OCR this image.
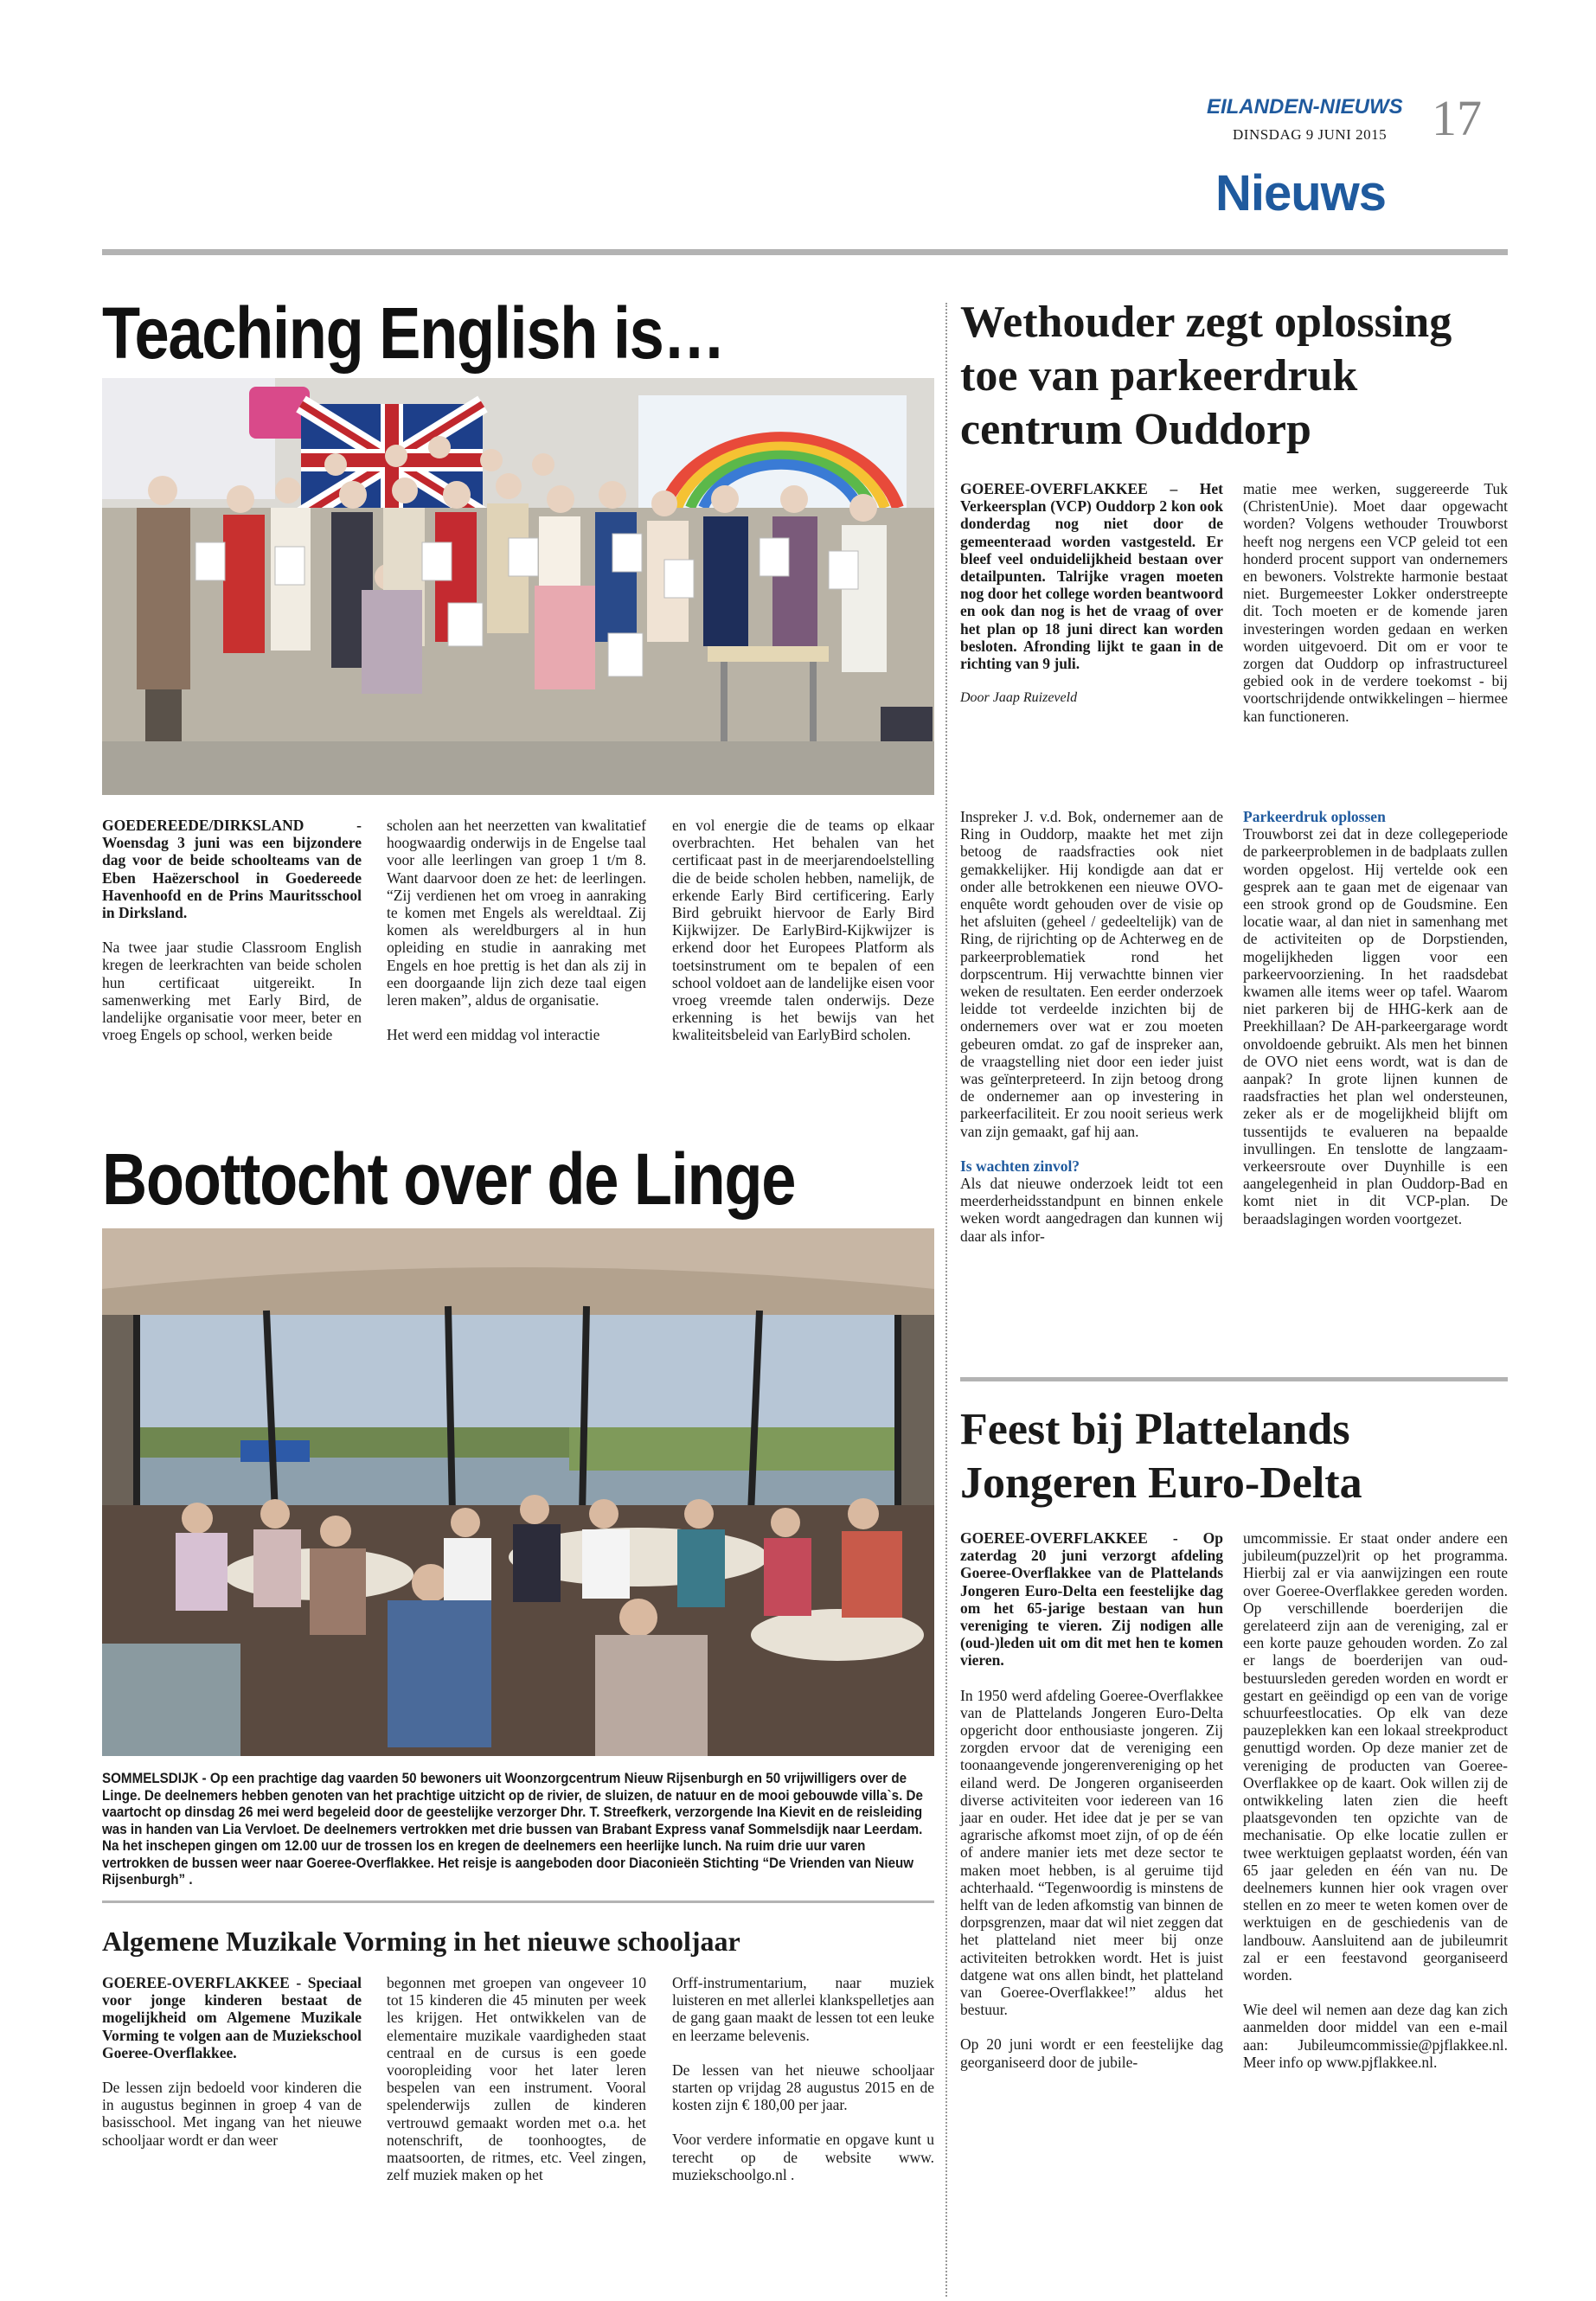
EILANDEN-NIEUWS
DINSDAG 9 JUNI 2015 17
Nieuws
Teaching English is…

GOEDEREEDE/DIRKSLAND - Woensdag 3 juni was een bijzondere dag voor de beide schoolteams van de Eben Haëzerschool in Goedereede Havenhoofd en de Prins Mauritsschool in Dirksland.

Na twee jaar studie Classroom English kregen de leerkrachten van beide scholen hun certificaat uitgereikt. In samenwerking met Early Bird, de landelijke organisatie voor meer, beter en vroeg Engels op school, werken beide

scholen aan het neerzetten van kwalitatief hoogwaardig onderwijs in de Engelse taal voor alle leerlingen van groep 1 t/m 8. Want daarvoor doen ze het: de leerlingen. “Zij verdienen het om vroeg in aanraking te komen met Engels als wereldtaal. Zij komen als wereldburgers al in hun opleiding en studie in aanraking met Engels en hoe prettig is het dan als zij in een doorgaande lijn zich deze taal eigen leren maken”, aldus de organisatie.

Het werd een middag vol interactie

en vol energie die de teams op elkaar overbrachten. Het behalen van het certificaat past in de meerjarendoelstelling die de beide scholen hebben, namelijk, de erkende Early Bird certificering. Early Bird gebruikt hiervoor de Early Bird Kijkwijzer. De EarlyBird-Kijkwijzer is erkend door het Europees Platform als toetsinstrument om te bepalen of een school voldoet aan de landelijke eisen voor vroeg vreemde talen onderwijs. Deze erkenning is het bewijs van het kwaliteitsbeleid van EarlyBird scholen.

Boottocht over de Linge
SOMMELSDIJK - Op een prachtige dag vaarden 50 bewoners uit Woonzorgcentrum Nieuw Rijsenburgh en 50 vrijwilligers over de Linge. De deelnemers hebben genoten van het prachtige uitzicht op de rivier, de sluizen, de natuur en de mooi gebouwde villa`s. De vaartocht op dinsdag 26 mei werd begeleid door de geestelijke verzorger Dhr. T. Streefkerk, verzorgende Ina Kievit en de reisleiding was in handen van Lia Vervloet. De deelnemers vertrokken met drie bussen van Brabant Express vanaf Sommelsdijk naar Leerdam. Na het inschepen gingen om 12.00 uur de trossen los en kregen de deelnemers een heerlijke lunch. Na ruim drie uur varen vertrokken de bussen weer naar Goeree-Overflakkee. Het reisje is aangeboden door Diaconieën Stichting “De Vrienden van Nieuw Rijsenburgh” .
Algemene Muzikale Vorming in het nieuwe schooljaar

GOEREE-OVERFLAKKEE - Speciaal voor jonge kinderen bestaat de mogelijkheid om Algemene Muzikale Vorming te volgen aan de Muziekschool Goeree-Overflakkee.

De lessen zijn bedoeld voor kinderen die in augustus beginnen in groep 4 van de basisschool. Met ingang van het nieuwe schooljaar wordt er dan weer

begonnen met groepen van ongeveer 10 tot 15 kinderen die 45 minuten per week les krijgen. Het ontwikkelen van de elementaire muzikale vaardigheden staat centraal en de cursus is een goede vooropleiding voor het later leren bespelen van een instrument. Vooral spelenderwijs zullen de kinderen vertrouwd gemaakt worden met o.a. het notenschrift, de toonhoogtes, de maatsoorten, de ritmes, etc. Veel zingen, zelf muziek maken op het

Orff-instrumentarium, naar muziek luisteren en met allerlei klankspelletjes aan de gang gaan maakt de lessen tot een leuke en leerzame belevenis.

De lessen van het nieuwe schooljaar starten op vrijdag 28 augustus 2015 en de kosten zijn € 180,00 per jaar.

Voor verdere informatie en opgave kunt u terecht op de website www. muziekschoolgo.nl .

Wethouder zegt oplossing toe van parkeerdruk centrum Ouddorp

GOEREE-OVERFLAKKEE – Het Verkeersplan (VCP) Ouddorp 2 kon ook donderdag nog niet door de gemeenteraad worden vastgesteld. Er bleef veel onduidelijkheid bestaan over detailpunten. Talrijke vragen moeten nog door het college worden beantwoord en ook dan nog is het de vraag of over het plan op 18 juni direct kan worden besloten. Afronding lijkt te gaan in de richting van 9 juli.

Door Jaap Ruizeveld

matie mee werken, suggereerde Tuk (ChristenUnie). Moet daar opgewacht worden? Volgens wethouder Trouwborst heeft nog nergens een VCP geleid tot een honderd procent support van ondernemers en bewoners. Volstrekte harmonie bestaat niet. Burgemeester Lokker onderstreepte dit. Toch moeten er de komende jaren investeringen worden gedaan en werken worden uitgevoerd. Dit om er voor te zorgen dat Ouddorp op infrastructureel gebied ook in de verdere toekomst - bij voortschrijdende ontwikkelingen – hiermee kan functioneren.

Inspreker J. v.d. Bok, ondernemer aan de Ring in Ouddorp, maakte het met zijn betoog de raadsfracties ook niet gemakkelijker. Hij kondigde aan dat er onder alle betrokkenen een nieuwe OVO-enquête wordt gehouden over de visie op het afsluiten (geheel / gedeeltelijk) van de Ring, de rijrichting op de Achterweg en de parkeerproblematiek rond het dorpscentrum. Hij verwachtte binnen vier weken de resultaten. Een eerder onderzoek leidde tot verdeelde inzichten bij de ondernemers over wat er zou moeten gebeuren omdat. zo gaf de inspreker aan, de vraagstelling niet door een ieder juist was geïnterpreteerd. In zijn betoog drong de ondernemer aan op investering in parkeerfaciliteit. Er zou nooit serieus werk van zijn gemaakt, gaf hij aan.

Is wachten zinvol?

Als dat nieuwe onderzoek leidt tot een meerderheidsstandpunt en binnen enkele weken wordt aangedragen dan kunnen wij daar als infor-

Parkeerdruk oplossen

Trouwborst zei dat in deze collegeperiode de parkeerproblemen in de badplaats zullen worden opgelost. Hij vertelde ook een gesprek aan te gaan met de eigenaar van een strook grond op de Goudsmine. Een locatie waar, al dan niet in samenhang met de activiteiten op de Dorpstienden, mogelijkheden liggen voor een parkeervoorziening. In het raadsdebat kwamen alle items weer op tafel. Waarom niet parkeren bij de HHG-kerk aan de Preekhillaan? De AH-parkeergarage wordt onvoldoende gebruikt. Als men het binnen de OVO niet eens wordt, wat is dan de aanpak? In grote lijnen kunnen de raadsfracties het plan wel ondersteunen, zeker als er de mogelijkheid blijft om tussentijds te evalueren na bepaalde invullingen. En tenslotte de langzaam-verkeersroute over Duynhille is een aangelegenheid in plan Ouddorp-Bad en komt niet in dit VCP-plan. De beraadslagingen worden voortgezet.

Feest bij Plattelands Jongeren Euro-Delta

GOEREE-OVERFLAKKEE - Op zaterdag 20 juni verzorgt afdeling Goeree-Overflakkee van de Plattelands Jongeren Euro-Delta een feestelijke dag om het 65-jarige bestaan van hun vereniging te vieren. Zij nodigen alle (oud-)leden uit om dit met hen te komen vieren.

In 1950 werd afdeling Goeree-Overflakkee van de Plattelands Jongeren Euro-Delta opgericht door enthousiaste jongeren. Zij zorgden ervoor dat de vereniging een toonaangevende jongerenvereniging op het eiland werd. De Jongeren organiseerden diverse activiteiten voor iedereen van 16 jaar en ouder. Het idee dat je per se van agrarische afkomst moet zijn, of op de één of andere manier iets met deze sector te maken moet hebben, is al geruime tijd achterhaald. “Tegenwoordig is minstens de helft van de leden afkomstig van binnen de dorpsgrenzen, maar dat wil niet zeggen dat het platteland niet meer bij onze activiteiten betrokken wordt. Het is juist datgene wat ons allen bindt, het platteland van Goeree-Overflakkee!” aldus het bestuur.

Op 20 juni wordt er een feestelijke dag georganiseerd door de jubile-

umcommissie. Er staat onder andere een jubileum(puzzel)rit op het programma. Hierbij zal er via aanwijzingen een route over Goeree-Overflakkee gereden worden. Op verschillende boerderijen die gerelateerd zijn aan de vereniging, zal er een korte pauze gehouden worden. Zo zal er langs de boerderijen van oud-bestuursleden gereden worden en wordt er gestart en geëindigd op een van de vorige schuurfeestlocaties. Op elk van deze pauzeplekken kan een lokaal streekproduct genuttigd worden. Op deze manier zet de vereniging de producten van Goeree-Overflakkee op de kaart. Ook willen zij de ontwikkeling laten zien die heeft plaatsgevonden ten opzichte van de mechanisatie. Op elke locatie zullen er twee werktuigen geplaatst worden, één van 65 jaar geleden en één van nu. De deelnemers kunnen hier ook vragen over stellen en zo meer te weten komen over de werktuigen en de geschiedenis van de landbouw. Aansluitend aan de jubileumrit zal er een feestavond georganiseerd worden.

Wie deel wil nemen aan deze dag kan zich aanmelden door middel van een e-mail aan: Jubileumcommissie@pjflakkee.nl. Meer info op www.pjflakkee.nl.
